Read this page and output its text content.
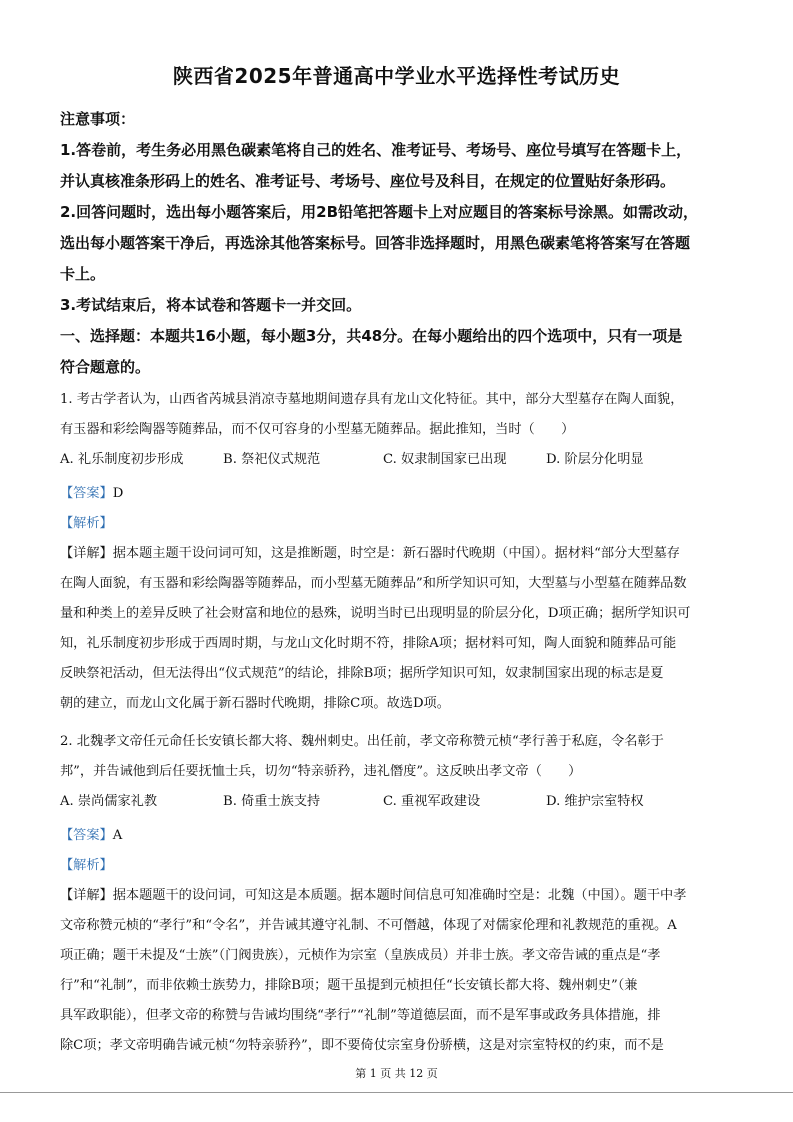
陕西省2025年普通高中学业水平选择性考试历史

注意事项：

1.答卷前，考生务必用黑色碳素笔将自己的姓名、准考证号、考场号、座位号填写在答题卡上，

并认真核准条形码上的姓名、准考证号、考场号、座位号及科目，在规定的位置贴好条形码。

2.回答问题时，选出每小题答案后，用2B铅笔把答题卡上对应题目的答案标号涂黑。如需改动，

选出每小题答案干净后，再选涂其他答案标号。回答非选择题时，用黑色碳素笔将答案写在答题

卡上。

3.考试结束后，将本试卷和答题卡一并交回。

一、选择题：本题共16小题，每小题3分，共48分。在每小题给出的四个选项中，只有一项是

符合题意的。

1. 考古学者认为，山西省芮城县消凉寺墓地期间遗存具有龙山文化特征。其中，部分大型墓存在陶人面貌，

有玉器和彩绘陶器等随葬品，而不仅可容身的小型墓无随葬品。据此推知，当时（　　）

A. 礼乐制度初步形成	B. 祭祀仪式规范	C. 奴隶制国家已出现	D. 阶层分化明显

【答案】D

【解析】

【详解】据本题主题干设问词可知，这是推断题，时空是：新石器时代晚期（中国）。据材料“部分大型墓存

在陶人面貌，有玉器和彩绘陶器等随葬品，而小型墓无随葬品”和所学知识可知，大型墓与小型墓在随葬品数

量和种类上的差异反映了社会财富和地位的悬殊，说明当时已出现明显的阶层分化，D项正确；据所学知识可

知，礼乐制度初步形成于西周时期，与龙山文化时期不符，排除A项；据材料可知，陶人面貌和随葬品可能

反映祭祀活动，但无法得出“仪式规范”的结论，排除B项；据所学知识可知，奴隶制国家出现的标志是夏

朝的建立，而龙山文化属于新石器时代晚期，排除C项。故选D项。

2. 北魏孝文帝任元命任长安镇长都大将、魏州刺史。出任前，孝文帝称赞元桢“孝行善于私庭，令名彰于

邦”，并告诫他到后任要抚恤士兵，切勿“特亲骄矜，违礼僭度”。这反映出孝文帝（　　）

A. 崇尚儒家礼教	B. 倚重士族支持	C. 重视军政建设	D. 维护宗室特权

【答案】A

【解析】

【详解】据本题题干的设问词，可知这是本质题。据本题时间信息可知准确时空是：北魏（中国）。题干中孝

文帝称赞元桢的“孝行”和“令名”，并告诫其遵守礼制、不可僭越，体现了对儒家伦理和礼教规范的重视。A

项正确；题干未提及“士族”（门阀贵族），元桢作为宗室（皇族成员）并非士族。孝文帝告诫的重点是“孝

行”和“礼制”，而非依赖士族势力，排除B项；题干虽提到元桢担任“长安镇长都大将、魏州刺史”（兼

具军政职能），但孝文帝的称赞与告诫均围绕“孝行”“礼制”等道德层面，而不是军事或政务具体措施，排

除C项；孝文帝明确告诫元桢“勿特亲骄矜”，即不要倚仗宗室身份骄横，这是对宗室特权的约束，而不是

第 1 页 共 12 页
